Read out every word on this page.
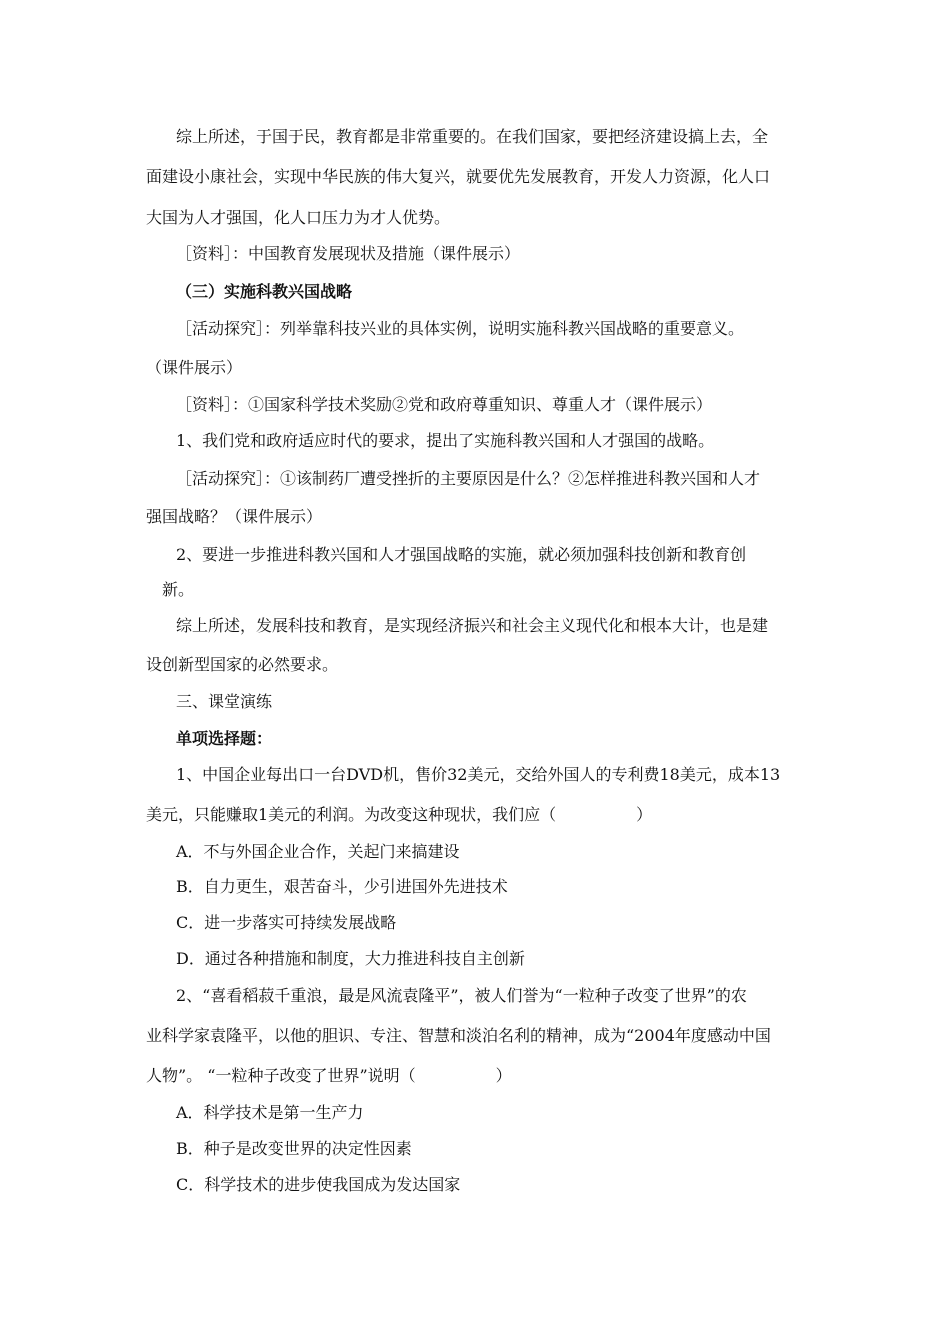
综上所述，于国于民，教育都是非常重要的。在我们国家，要把经济建设搞上去，全
面建设小康社会，实现中华民族的伟大复兴，就要优先发展教育，开发人力资源，化人口
大国为人才强国，化人口压力为才人优势。
［资料］：中国教育发展现状及措施（课件展示）
（三）实施科教兴国战略
［活动探究］：列举靠科技兴业的具体实例，说明实施科教兴国战略的重要意义。
（课件展示）
［资料］：①国家科学技术奖励②党和政府尊重知识、尊重人才（课件展示）
1、我们党和政府适应时代的要求，提出了实施科教兴国和人才强国的战略。
［活动探究］：①该制药厂遭受挫折的主要原因是什么？②怎样推进科教兴国和人才
强国战略？（课件展示）
2、要进一步推进科教兴国和人才强国战略的实施，就必须加强科技创新和教育创
新。
综上所述，发展科技和教育，是实现经济振兴和社会主义现代化和根本大计，也是建
设创新型国家的必然要求。
三、课堂演练
单项选择题：
1、中国企业每出口一台DVD机，售价32美元，交给外国人的专利费18美元，成本13
美元，只能赚取1美元的利润。为改变这种现状，我们应（　　　　　）
A．不与外国企业合作，关起门来搞建设
B．自力更生，艰苦奋斗，少引进国外先进技术
C．进一步落实可持续发展战略
D．通过各种措施和制度，大力推进科技自主创新
2、“喜看稻菽千重浪，最是风流袁隆平”，被人们誉为“一粒种子改变了世界”的农
业科学家袁隆平，以他的胆识、专注、智慧和淡泊名利的精神，成为“2004年度感动中国
人物”。 “一粒种子改变了世界”说明（　　　　　）
A．科学技术是第一生产力
B．种子是改变世界的决定性因素
C．科学技术的进步使我国成为发达国家
